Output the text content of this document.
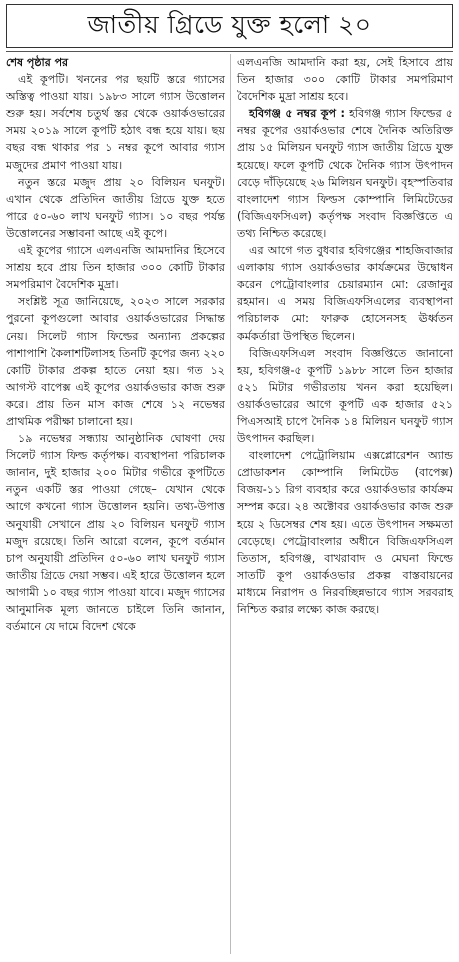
জাতীয় গ্রিডে যুক্ত হলো ২০
শেষ পৃষ্ঠার পর

এই কূপটি। খননের পর ছয়টি স্তরে গ্যাসের অস্তিত্ব পাওয়া যায়। ১৯৮৩ সালে গ্যাস উত্তোলন শুরু হয়। সর্বশেষ চতুর্থ স্তর থেকে ওয়ার্কওভারের সময় ২০১৯ সালে কূপটি হঠাৎ বন্ধ হয়ে যায়। ছয় বছর বন্ধ থাকার পর ১ নম্বর কূপে আবার গ্যাস মজুদের প্রমাণ পাওয়া যায়।

নতুন স্তরে মজুদ প্রায় ২০ বিলিয়ন ঘনফুট। এখান থেকে প্রতিদিন জাতীয় গ্রিডে যুক্ত হতে পারে ৫০-৬০ লাখ ঘনফুট গ্যাস। ১০ বছর পর্যন্ত উত্তোলনের সম্ভাবনা আছে এই কূপে।

এই কূপের গ্যাসে এলএনজি আমদানির হিসেবে সাশ্রয় হবে প্রায় তিন হাজার ৩০০ কোটি টাকার সমপরিমাণ বৈদেশিক মুদ্রা।

সংশ্লিষ্ট সূত্র জানিয়েছে, ২০২৩ সালে সরকার পুরনো কূপগুলো আবার ওয়ার্কওভারের সিদ্ধান্ত নেয়। সিলেট গ্যাস ফিল্ডের অন্যান্য প্রকল্পের পাশাপাশি কৈলাশটিলাসহ তিনটি কূপের জন্য ২২০ কোটি টাকার প্রকল্প হাতে নেয়া হয়। গত ১২ আগস্ট বাপেক্স এই কূপের ওয়ার্কওভার কাজ শুরু করে। প্রায় তিন মাস কাজ শেষে ১২ নভেম্বর প্রাথমিক পরীক্ষা চালানো হয়।

১৯ নভেম্বর সন্ধ্যায় আনুষ্ঠানিক ঘোষণা দেয় সিলেট গ্যাস ফিল্ড কর্তৃপক্ষ। ব্যবস্থাপনা পরিচালক জানান, দুই হাজার ২০০ মিটার গভীরে কূপটিতে নতুন একটি স্তর পাওয়া গেছে– যেখান থেকে আগে কখনো গ্যাস উত্তোলন হয়নি। তথ্য-উপাত্ত অনুযায়ী সেখানে প্রায় ২০ বিলিয়ন ঘনফুট গ্যাস মজুদ রয়েছে। তিনি আরো বলেন, কূপে বর্তমান চাপ অনুযায়ী প্রতিদিন ৫০-৬০ লাখ ঘনফুট গ্যাস জাতীয় গ্রিডে দেয়া সম্ভব। এই হারে উত্তোলন হলে আগামী ১০ বছর গ্যাস পাওয়া যাবে। মজুদ গ্যাসের আনুমানিক মূল্য জানতে চাইলে তিনি জানান, বর্তমানে যে দামে বিদেশ থেকে

এলএনজি আমদানি করা হয়, সেই হিসাবে প্রায় তিন হাজার ৩০০ কোটি টাকার সমপরিমাণ বৈদেশিক মুদ্রা সাশ্রয় হবে।

হবিগঞ্জ ৫ নম্বর কূপ : হবিগঞ্জ গ্যাস ফিল্ডের ৫ নম্বর কূপের ওয়ার্কওভার শেষে দৈনিক অতিরিক্ত প্রায় ১৫ মিলিয়ন ঘনফুট গ্যাস জাতীয় গ্রিডে যুক্ত হয়েছে। ফলে কূপটি থেকে দৈনিক গ্যাস উৎপাদন বেড়ে দাঁড়িয়েছে ২৬ মিলিয়ন ঘনফুট। বৃহস্পতিবার বাংলাদেশ গ্যাস ফিল্ডস কোম্পানি লিমিটেডের (বিজিএফসিএল) কর্তৃপক্ষ সংবাদ বিজ্ঞপ্তিতে এ তথ্য নিশ্চিত করেছে।

এর আগে গত বুধবার হবিগঞ্জের শাহজিবাজার এলাকায় গ্যাস ওয়ার্কওভার কার্যক্রমের উদ্বোধন করেন পেট্রোবাংলার চেয়ারম্যান মো: রেজানুর রহমান। এ সময় বিজিএফসিএলের ব্যবস্থাপনা পরিচালক মো: ফারুক হোসেনসহ ঊর্ধ্বতন কর্মকর্তারা উপস্থিত ছিলেন।

বিজিএফসিএল সংবাদ বিজ্ঞপ্তিতে জানানো হয়, হবিগঞ্জ-৫ কূপটি ১৯৮৮ সালে তিন হাজার ৫২১ মিটার গভীরতায় খনন করা হয়েছিল। ওয়ার্কওভারের আগে কূপটি এক হাজার ৫২১ পিএসআই চাপে দৈনিক ১৪ মিলিয়ন ঘনফুট গ্যাস উৎপাদন করছিল।

বাংলাদেশ পেট্রোলিয়াম এক্সপ্লোরেশন অ্যান্ড প্রোডাকশন কোম্পানি লিমিটেড (বাপেক্স) বিজয়-১১ রিগ ব্যবহার করে ওয়ার্কওভার কার্যক্রম সম্পন্ন করে। ২৪ অক্টোবর ওয়ার্কওভার কাজ শুরু হয়ে ২ ডিসেম্বর শেষ হয়। এতে উৎপাদন সক্ষমতা বেড়েছে। পেট্রোবাংলার অধীনে বিজিএফসিএল তিতাস, হবিগঞ্জ, বাখরাবাদ ও মেঘনা ফিল্ডে সাতটি কূপ ওয়ার্কওভার প্রকল্প বাস্তবায়নের মাধ্যমে নিরাপদ ও নিরবচ্ছিন্নভাবে গ্যাস সরবরাহ নিশ্চিত করার লক্ষ্যে কাজ করছে।
